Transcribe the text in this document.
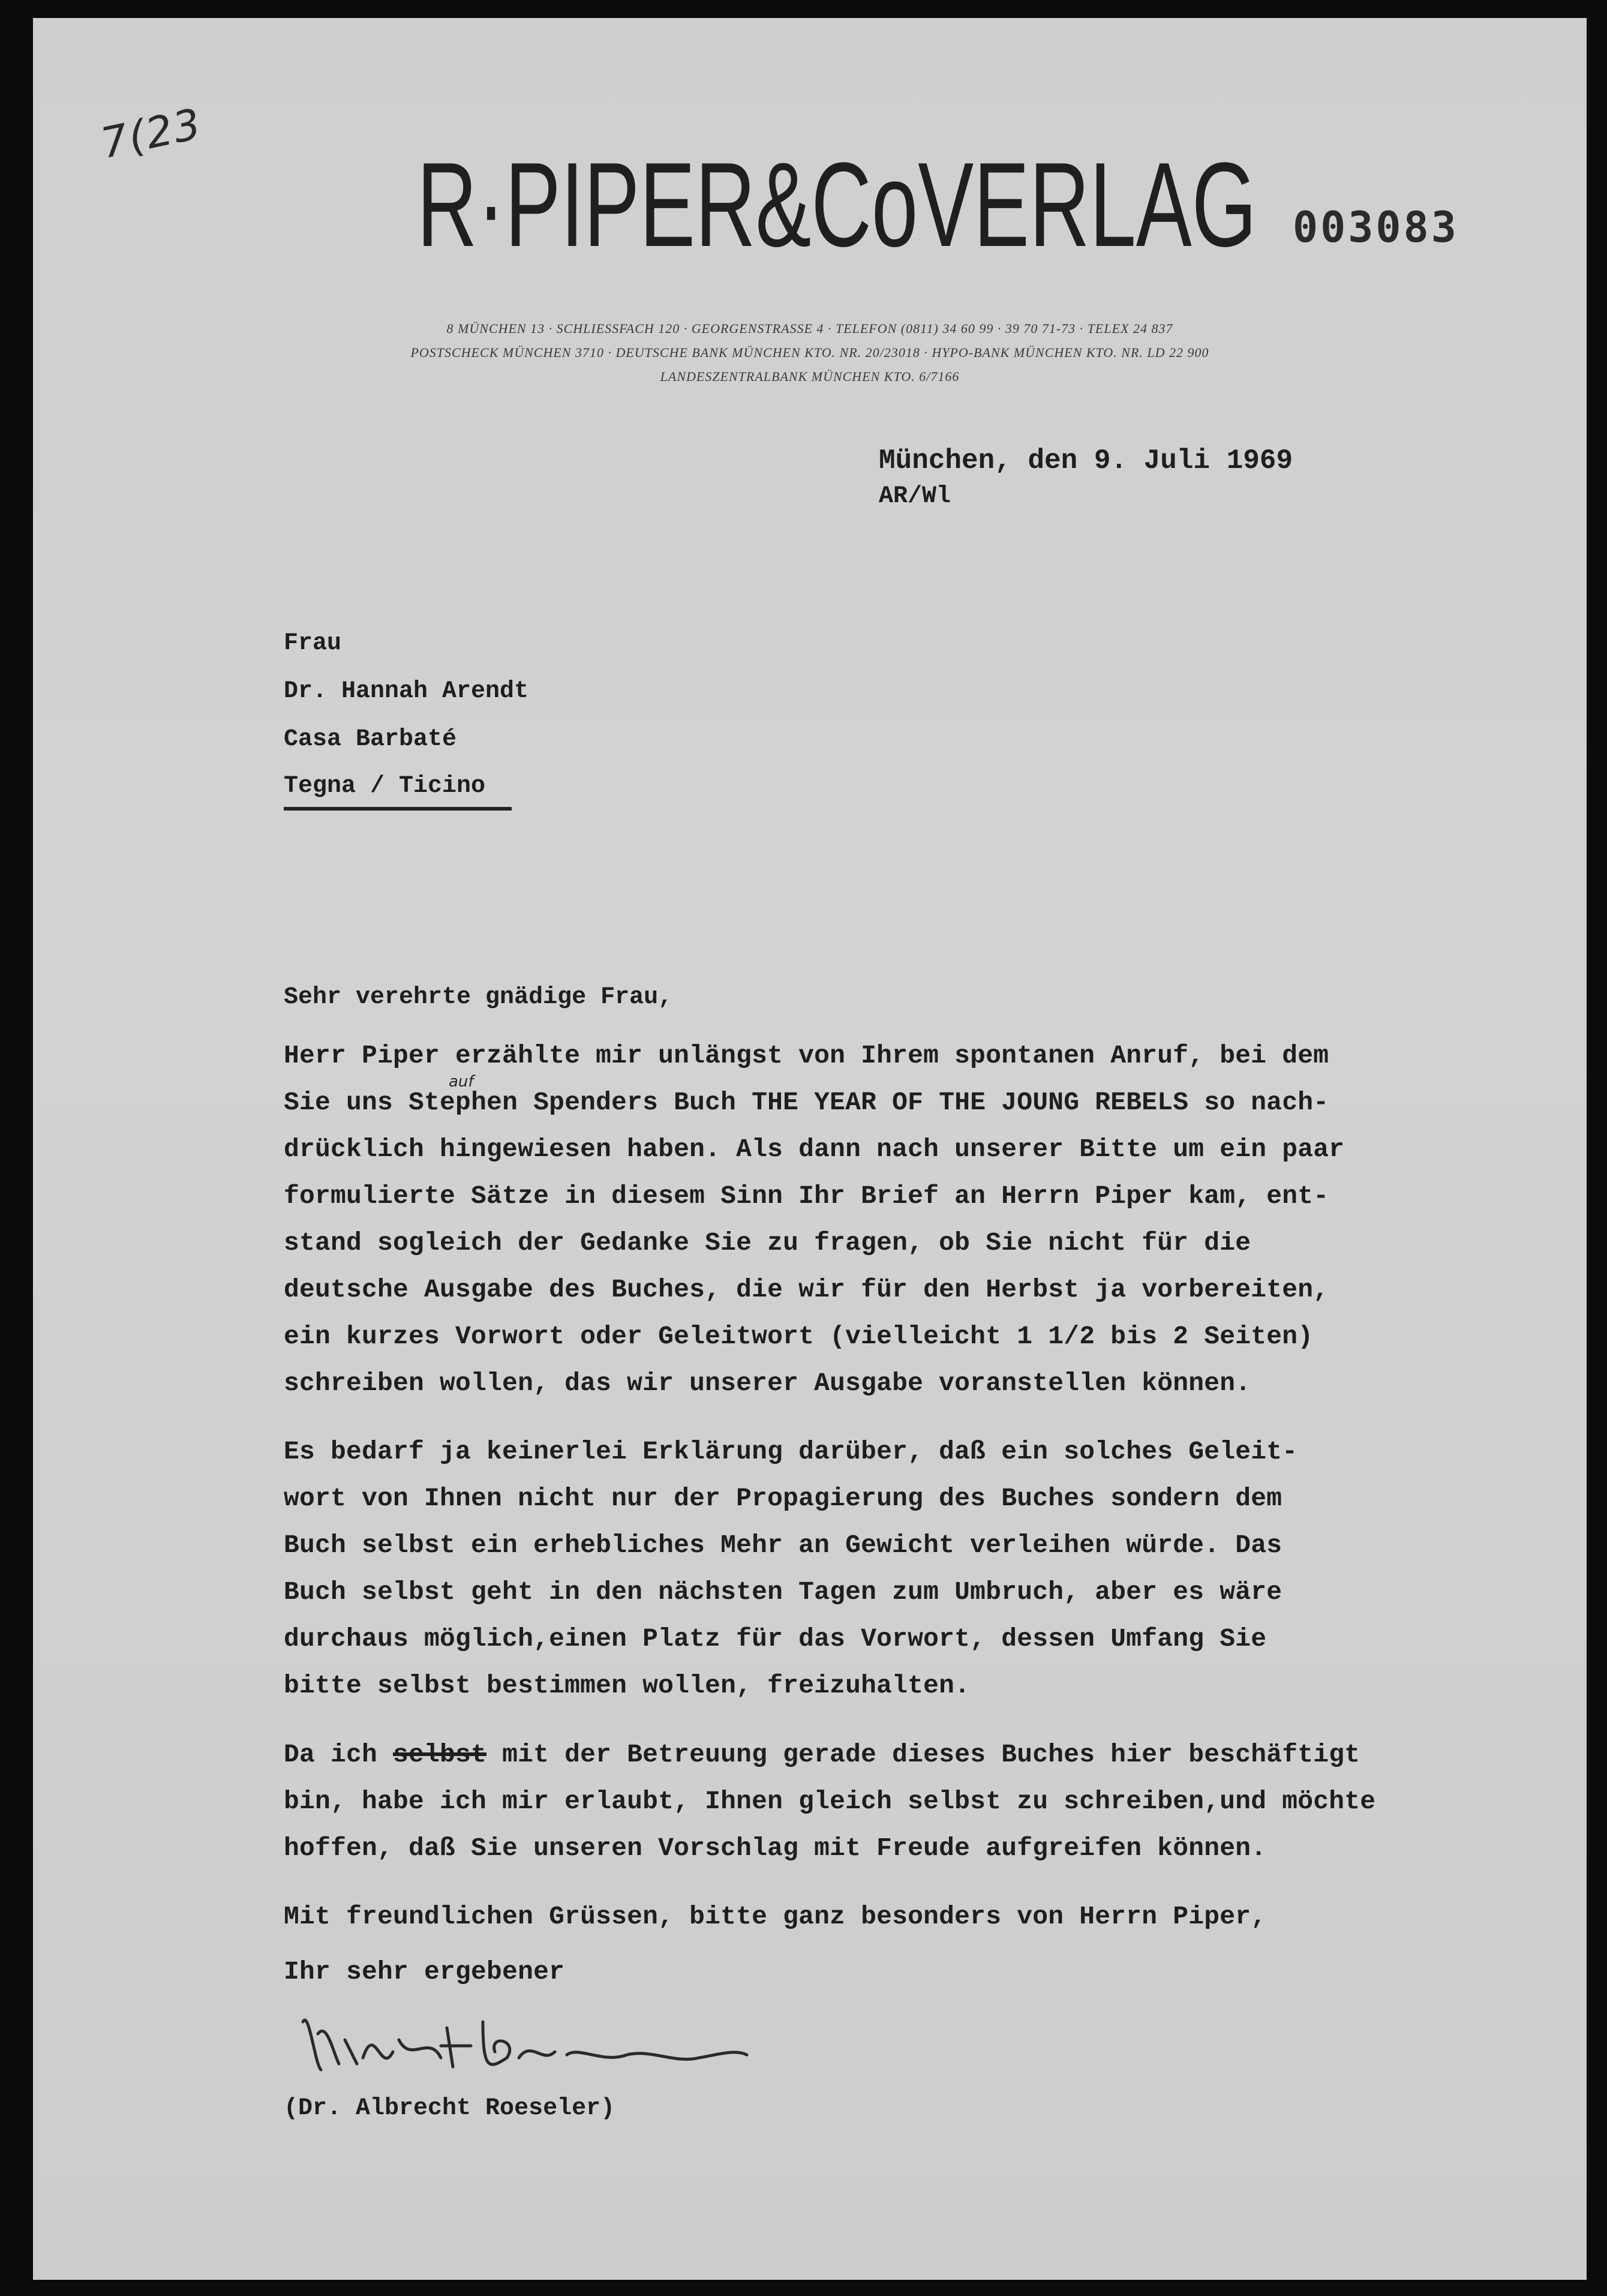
7(23
R·PIPER&CoVERLAG 003083
8 MÜNCHEN 13 · SCHLIESSFACH 120 · GEORGENSTRASSE 4 · TELEFON (0811) 34 60 99 · 39 70 71-73 · TELEX 24 837
POSTSCHECK MÜNCHEN 3710 · DEUTSCHE BANK MÜNCHEN KTO. NR. 20/23018 · HYPO-BANK MÜNCHEN KTO. NR. LD 22 900
LANDESZENTRALBANK MÜNCHEN KTO. 6/7166
München, den 9. Juli 1969
AR/Wl
Frau
Dr. Hannah Arendt
Casa Barbaté
Tegna / Ticino
Sehr verehrte gnädige Frau,
Herr Piper erzählte mir unlängst von Ihrem spontanen Anruf, bei dem
Sie uns Stephen Spenders Buch THE YEAR OF THE JOUNG REBELS so nach-
auf
drücklich hingewiesen haben. Als dann nach unserer Bitte um ein paar
formulierte Sätze in diesem Sinn Ihr Brief an Herrn Piper kam, ent-
stand sogleich der Gedanke Sie zu fragen, ob Sie nicht für die
deutsche Ausgabe des Buches, die wir für den Herbst ja vorbereiten,
ein kurzes Vorwort oder Geleitwort (vielleicht 1 1/2 bis 2 Seiten)
schreiben wollen, das wir unserer Ausgabe voranstellen können.
Es bedarf ja keinerlei Erklärung darüber, daß ein solches Geleit-
wort von Ihnen nicht nur der Propagierung des Buches sondern dem
Buch selbst ein erhebliches Mehr an Gewicht verleihen würde. Das
Buch selbst geht in den nächsten Tagen zum Umbruch, aber es wäre
durchaus möglich,einen Platz für das Vorwort, dessen Umfang Sie
bitte selbst bestimmen wollen, freizuhalten.
Da ich selbst mit der Betreuung gerade dieses Buches hier beschäftigt
bin, habe ich mir erlaubt, Ihnen gleich selbst zu schreiben,und möchte
hoffen, daß Sie unseren Vorschlag mit Freude aufgreifen können.
Mit freundlichen Grüssen, bitte ganz besonders von Herrn Piper,
Ihr sehr ergebener
(Dr. Albrecht Roeseler)
